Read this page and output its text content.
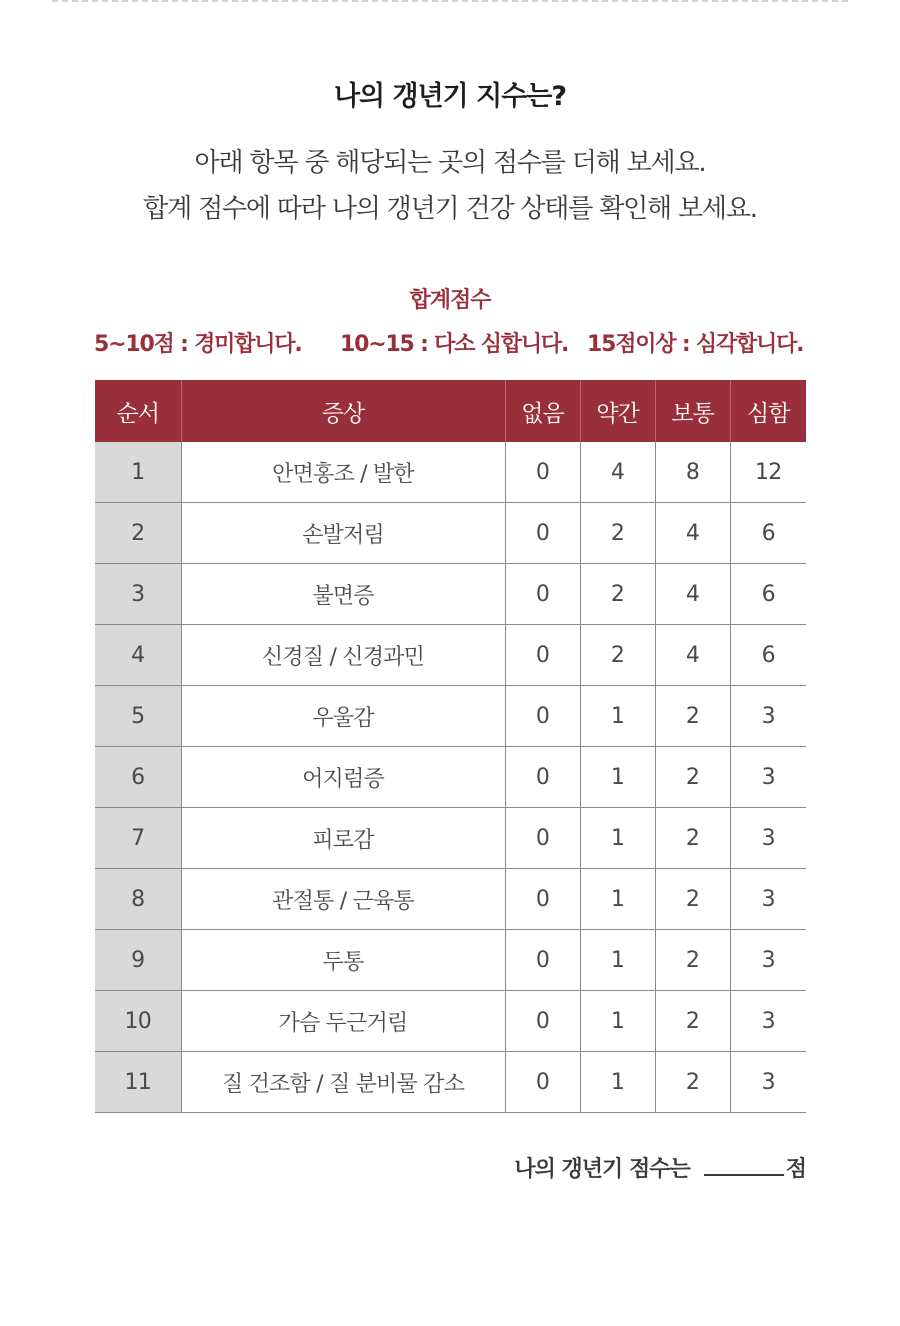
나의 갱년기 지수는?
아래 항목 중 해당되는 곳의 점수를 더해 보세요.
합계 점수에 따라 나의 갱년기 건강 상태를 확인해 보세요.
합계점수
5~10점 : 경미합니다. 10~15 : 다소 심합니다. 15점이상 : 심각합니다.
순서	증상	없음	약간	보통	심함
1	안면홍조 / 발한	0	4	8	12
2	손발저림	0	2	4	6
3	불면증	0	2	4	6
4	신경질 / 신경과민	0	2	4	6
5	우울감	0	1	2	3
6	어지럼증	0	1	2	3
7	피로감	0	1	2	3
8	관절통 / 근육통	0	1	2	3
9	두통	0	1	2	3
10	가슴 두근거림	0	1	2	3
11	질 건조함 / 질 분비물 감소	0	1	2	3
나의 갱년기 점수는	점
